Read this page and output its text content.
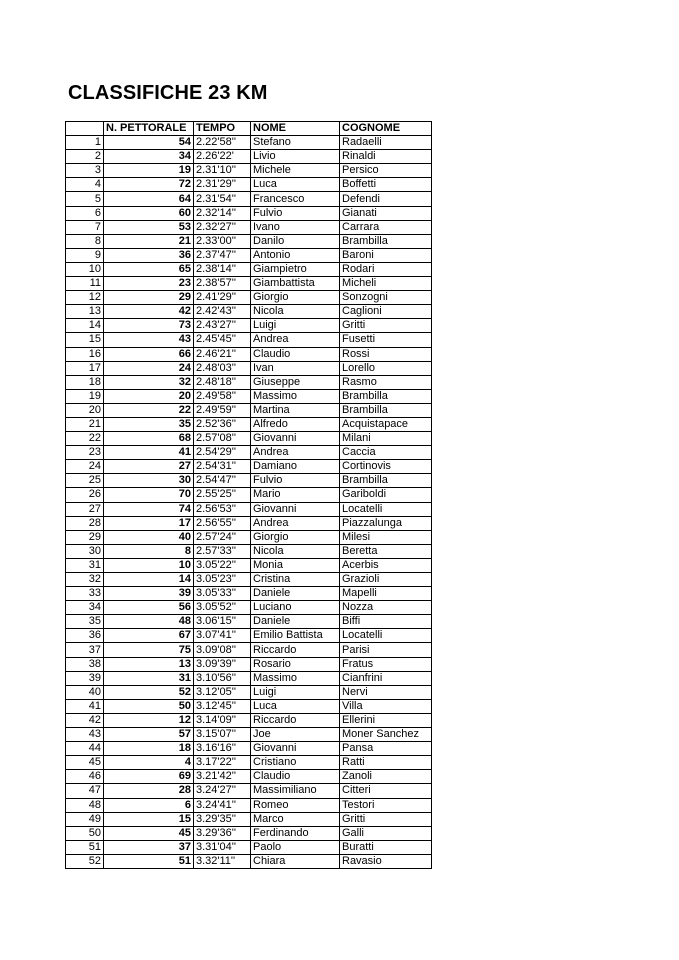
CLASSIFICHE 23 KM
	N. PETTORALE	TEMPO	NOME	COGNOME
1	54	2.22'58''	Stefano	Radaelli
2	34	2.26'22'	Livio	Rinaldi
3	19	2.31'10''	Michele	Persico
4	72	2.31'29''	Luca	Boffetti
5	64	2.31'54''	Francesco	Defendi
6	60	2.32'14''	Fulvio	Gianati
7	53	2.32'27''	Ivano	Carrara
8	21	2.33'00''	Danilo	Brambilla
9	36	2.37'47''	Antonio	Baroni
10	65	2.38'14''	Giampietro	Rodari
11	23	2.38'57''	Giambattista	Micheli
12	29	2.41'29''	Giorgio	Sonzogni
13	42	2.42'43''	Nicola	Caglioni
14	73	2.43'27''	Luigi	Gritti
15	43	2.45'45''	Andrea	Fusetti
16	66	2.46'21''	Claudio	Rossi
17	24	2.48'03''	Ivan	Lorello
18	32	2.48'18''	Giuseppe	Rasmo
19	20	2.49'58''	Massimo	Brambilla
20	22	2.49'59''	Martina	Brambilla
21	35	2.52'36''	Alfredo	Acquistapace
22	68	2.57'08''	Giovanni	Milani
23	41	2.54'29''	Andrea	Caccia
24	27	2.54'31''	Damiano	Cortinovis
25	30	2.54'47''	Fulvio	Brambilla
26	70	2.55'25''	Mario	Gariboldi
27	74	2.56'53''	Giovanni	Locatelli
28	17	2.56'55''	Andrea	Piazzalunga
29	40	2.57'24''	Giorgio	Milesi
30	8	2.57'33''	Nicola	Beretta
31	10	3.05'22''	Monia	Acerbis
32	14	3.05'23''	Cristina	Grazioli
33	39	3.05'33''	Daniele	Mapelli
34	56	3.05'52''	Luciano	Nozza
35	48	3.06'15''	Daniele	Biffi
36	67	3.07'41''	Emilio Battista	Locatelli
37	75	3.09'08''	Riccardo	Parisi
38	13	3.09'39''	Rosario	Fratus
39	31	3.10'56''	Massimo	Cianfrini
40	52	3.12'05''	Luigi	Nervi
41	50	3.12'45''	Luca	Villa
42	12	3.14'09''	Riccardo	Ellerini
43	57	3.15'07''	Joe	Moner Sanchez
44	18	3.16'16''	Giovanni	Pansa
45	4	3.17'22''	Cristiano	Ratti
46	69	3.21'42''	Claudio	Zanoli
47	28	3.24'27''	Massimiliano	Citteri
48	6	3.24'41''	Romeo	Testori
49	15	3.29'35''	Marco	Gritti
50	45	3.29'36''	Ferdinando	Galli
51	37	3.31'04''	Paolo	Buratti
52	51	3.32'11''	Chiara	Ravasio
